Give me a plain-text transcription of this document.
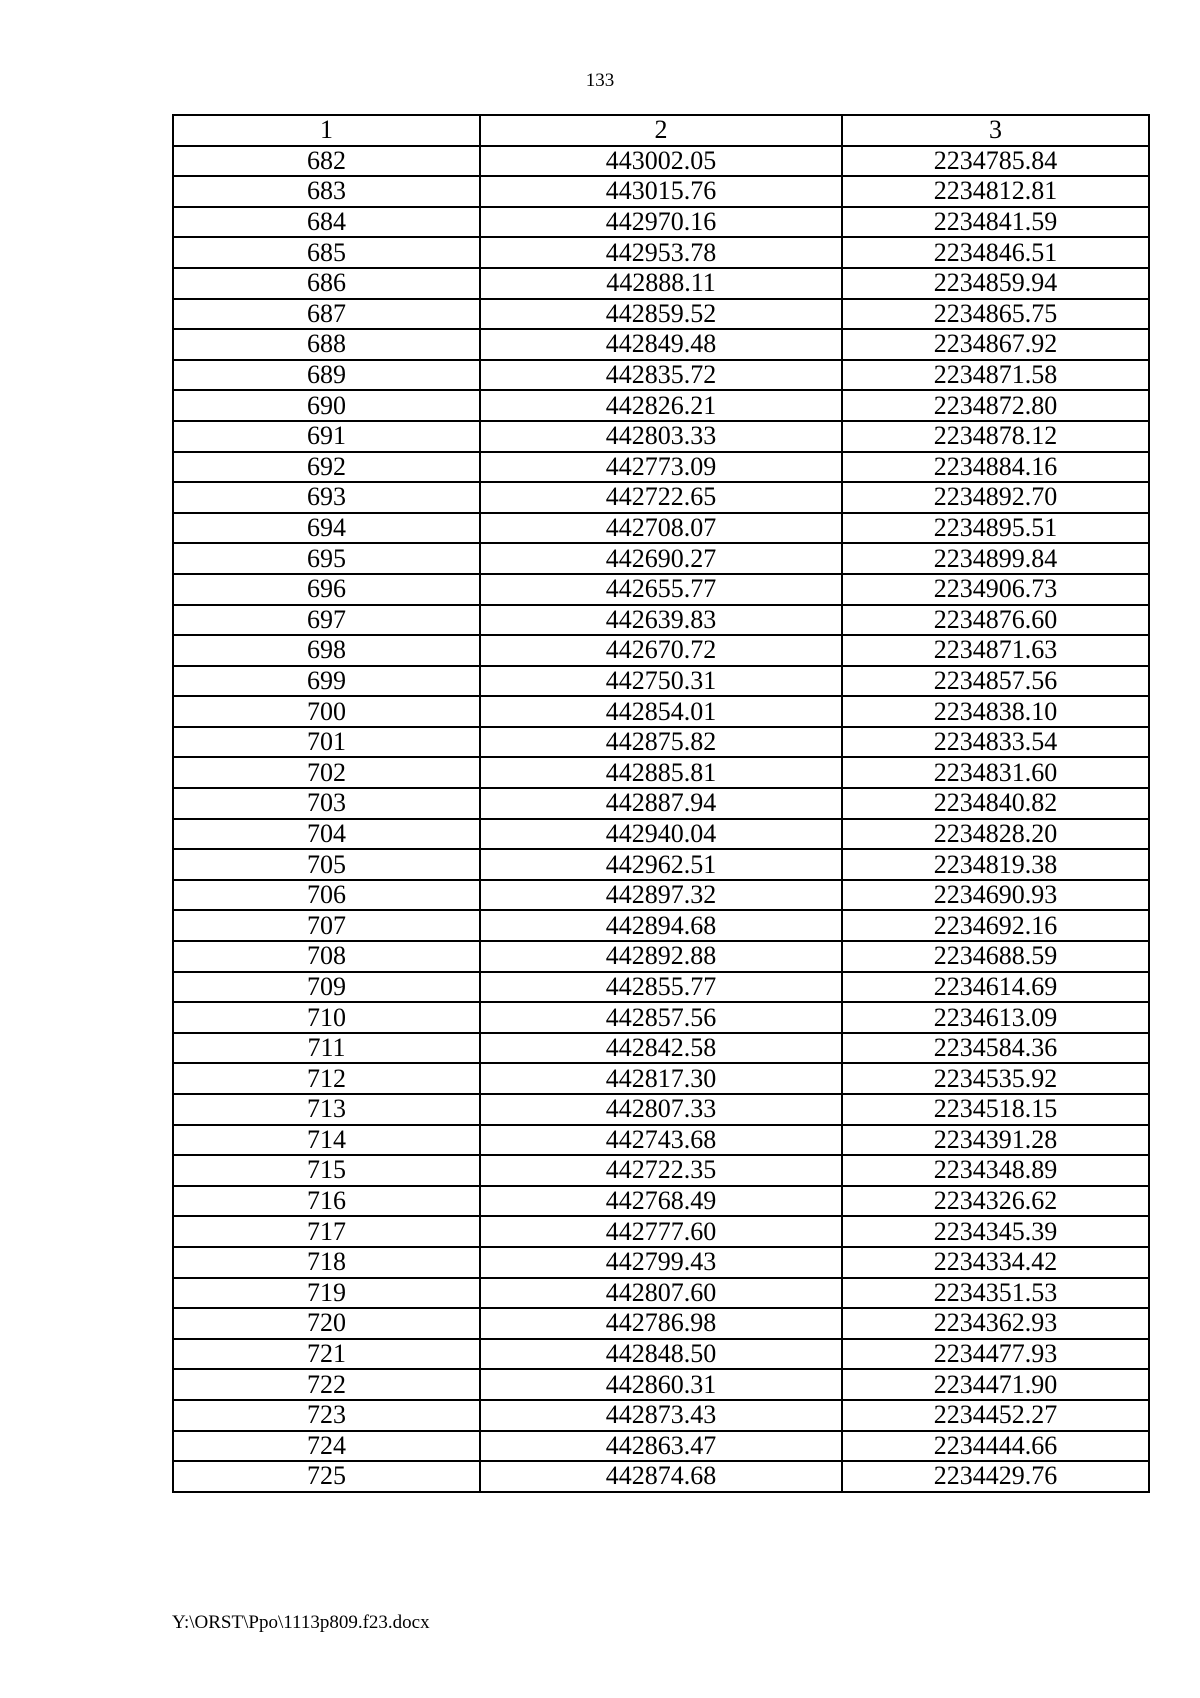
133
1	2	3
682	443002.05	2234785.84
683	443015.76	2234812.81
684	442970.16	2234841.59
685	442953.78	2234846.51
686	442888.11	2234859.94
687	442859.52	2234865.75
688	442849.48	2234867.92
689	442835.72	2234871.58
690	442826.21	2234872.80
691	442803.33	2234878.12
692	442773.09	2234884.16
693	442722.65	2234892.70
694	442708.07	2234895.51
695	442690.27	2234899.84
696	442655.77	2234906.73
697	442639.83	2234876.60
698	442670.72	2234871.63
699	442750.31	2234857.56
700	442854.01	2234838.10
701	442875.82	2234833.54
702	442885.81	2234831.60
703	442887.94	2234840.82
704	442940.04	2234828.20
705	442962.51	2234819.38
706	442897.32	2234690.93
707	442894.68	2234692.16
708	442892.88	2234688.59
709	442855.77	2234614.69
710	442857.56	2234613.09
711	442842.58	2234584.36
712	442817.30	2234535.92
713	442807.33	2234518.15
714	442743.68	2234391.28
715	442722.35	2234348.89
716	442768.49	2234326.62
717	442777.60	2234345.39
718	442799.43	2234334.42
719	442807.60	2234351.53
720	442786.98	2234362.93
721	442848.50	2234477.93
722	442860.31	2234471.90
723	442873.43	2234452.27
724	442863.47	2234444.66
725	442874.68	2234429.76
Y:\ORST\Ppo\1113p809.f23.docx
